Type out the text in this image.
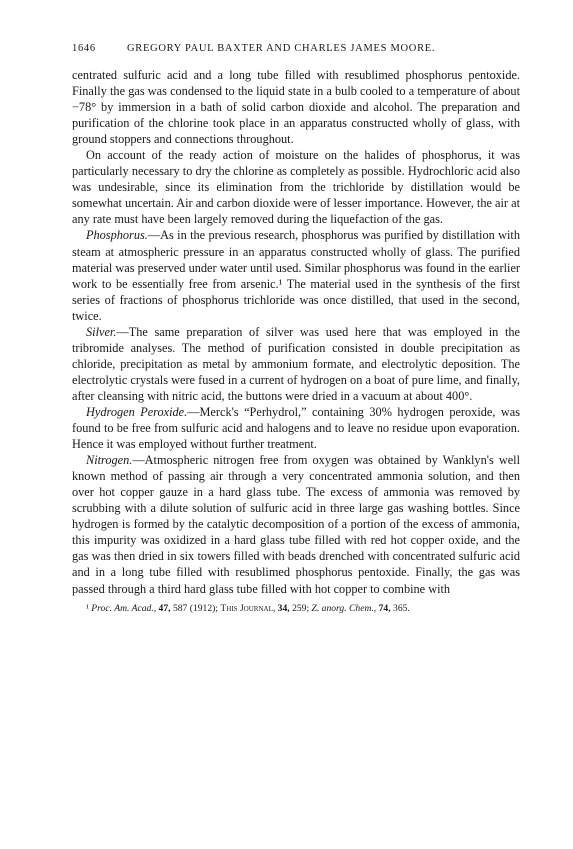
1646	GREGORY PAUL BAXTER AND CHARLES JAMES MOORE.

centrated sulfuric acid and a long tube filled with resublimed phosphorus pentoxide. Finally the gas was condensed to the liquid state in a bulb cooled to a temperature of about −78° by immersion in a bath of solid carbon dioxide and alcohol. The preparation and purification of the chlorine took place in an apparatus constructed wholly of glass, with ground stoppers and connections throughout.

On account of the ready action of moisture on the halides of phosphorus, it was particularly necessary to dry the chlorine as completely as possible. Hydrochloric acid also was undesirable, since its elimination from the trichloride by distillation would be somewhat uncertain. Air and carbon dioxide were of lesser importance. However, the air at any rate must have been largely removed during the liquefaction of the gas.

Phosphorus.—As in the previous research, phosphorus was purified by distillation with steam at atmospheric pressure in an apparatus constructed wholly of glass. The purified material was preserved under water until used. Similar phosphorus was found in the earlier work to be essentially free from arsenic.¹ The material used in the synthesis of the first series of fractions of phosphorus trichloride was once distilled, that used in the second, twice.

Silver.—The same preparation of silver was used here that was employed in the tribromide analyses. The method of purification consisted in double precipitation as chloride, precipitation as metal by ammonium formate, and electrolytic deposition. The electrolytic crystals were fused in a current of hydrogen on a boat of pure lime, and finally, after cleansing with nitric acid, the buttons were dried in a vacuum at about 400°.

Hydrogen Peroxide.—Merck's “Perhydrol,” containing 30% hydrogen peroxide, was found to be free from sulfuric acid and halogens and to leave no residue upon evaporation. Hence it was employed without further treatment.

Nitrogen.—Atmospheric nitrogen free from oxygen was obtained by Wanklyn's well known method of passing air through a very concentrated ammonia solution, and then over hot copper gauze in a hard glass tube. The excess of ammonia was removed by scrubbing with a dilute solution of sulfuric acid in three large gas washing bottles. Since hydrogen is formed by the catalytic decomposition of a portion of the excess of ammonia, this impurity was oxidized in a hard glass tube filled with red hot copper oxide, and the gas was then dried in six towers filled with beads drenched with concentrated sulfuric acid and in a long tube filled with resublimed phosphorus pentoxide. Finally, the gas was passed through a third hard glass tube filled with hot copper to combine with

¹ Proc. Am. Acad., 47, 587 (1912); This Journal, 34, 259; Z. anorg. Chem., 74, 365.
